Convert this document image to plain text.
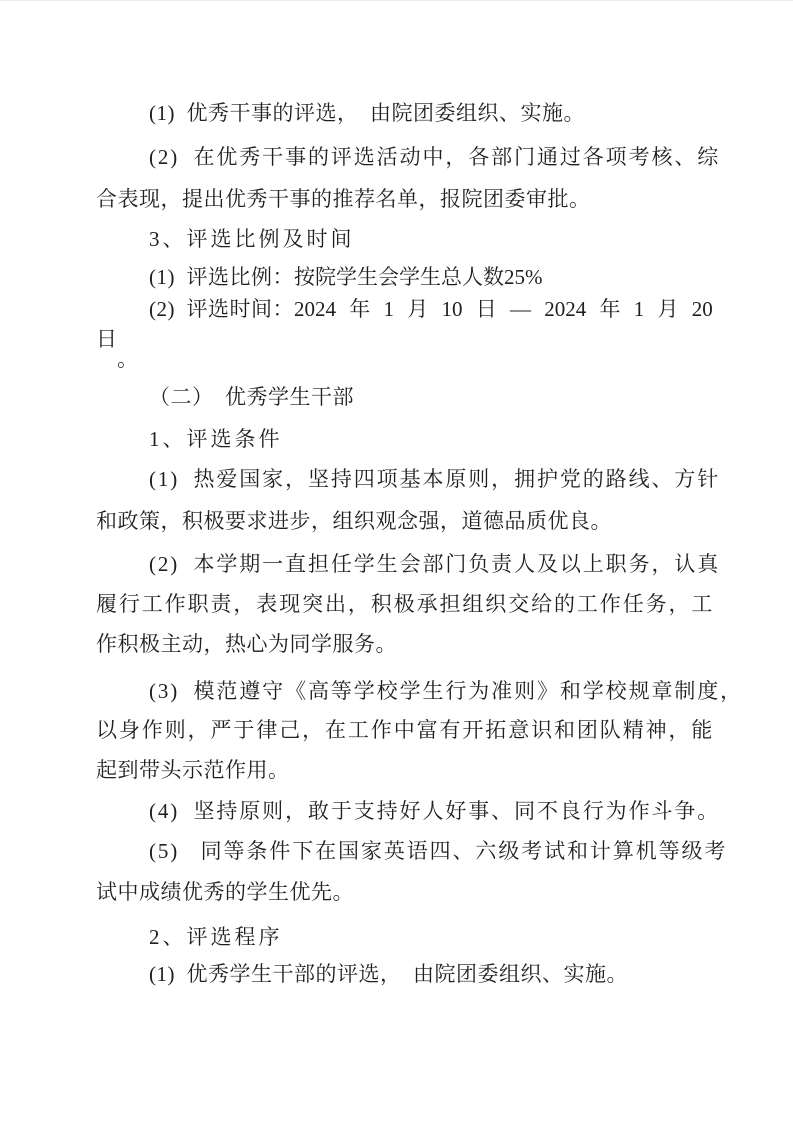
(1)  优秀干事的评选，  由院团委组织、实施。
(2)  在优秀干事的评选活动中，各部门通过各项考核、综
合表现，提出优秀干事的推荐名单，报院团委审批。
3、评选比例及时间
(1)  评选比例：按院学生会学生总人数25%
(2)  评选时间：2024 年 1 月 10 日 — 2024 年 1 月 20
日
。
（二）  优秀学生干部
1、评选条件
(1)  热爱国家，坚持四项基本原则，拥护党的路线、方针
和政策，积极要求进步，组织观念强，道德品质优良。
(2)  本学期一直担任学生会部门负责人及以上职务，认真
履行工作职责，表现突出，积极承担组织交给的工作任务，工
作积极主动，热心为同学服务。
(3)  模范遵守《高等学校学生行为准则》和学校规章制度，
以身作则，严于律己，在工作中富有开拓意识和团队精神，能
起到带头示范作用。
(4)  坚持原则，敢于支持好人好事、同不良行为作斗争。
(5)   同等条件下在国家英语四、六级考试和计算机等级考
试中成绩优秀的学生优先。
2、评选程序
(1)  优秀学生干部的评选，  由院团委组织、实施。
